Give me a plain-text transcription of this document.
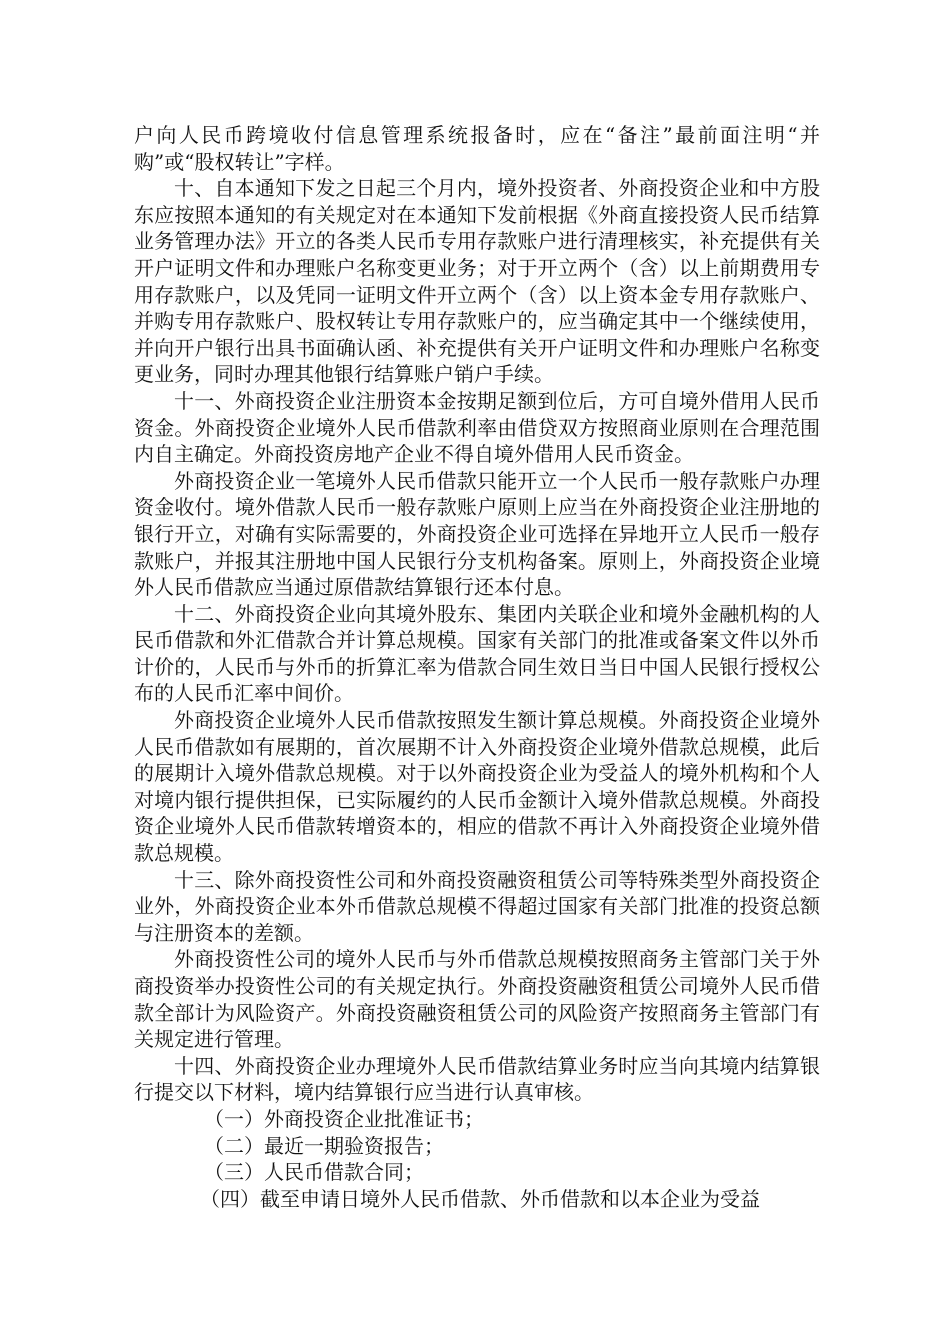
户向人民币跨境收付信息管理系统报备时，应在“备注”最前面注明“并购”或“股权转让”字样。

十、自本通知下发之日起三个月内，境外投资者、外商投资企业和中方股东应按照本通知的有关规定对在本通知下发前根据《外商直接投资人民币结算业务管理办法》开立的各类人民币专用存款账户进行清理核实，补充提供有关开户证明文件和办理账户名称变更业务；对于开立两个（含）以上前期费用专用存款账户，以及凭同一证明文件开立两个（含）以上资本金专用存款账户、并购专用存款账户、股权转让专用存款账户的，应当确定其中一个继续使用，并向开户银行出具书面确认函、补充提供有关开户证明文件和办理账户名称变更业务，同时办理其他银行结算账户销户手续。

十一、外商投资企业注册资本金按期足额到位后，方可自境外借用人民币资金。外商投资企业境外人民币借款利率由借贷双方按照商业原则在合理范围内自主确定。外商投资房地产企业不得自境外借用人民币资金。

外商投资企业一笔境外人民币借款只能开立一个人民币一般存款账户办理资金收付。境外借款人民币一般存款账户原则上应当在外商投资企业注册地的银行开立，对确有实际需要的，外商投资企业可选择在异地开立人民币一般存款账户，并报其注册地中国人民银行分支机构备案。原则上，外商投资企业境外人民币借款应当通过原借款结算银行还本付息。

十二、外商投资企业向其境外股东、集团内关联企业和境外金融机构的人民币借款和外汇借款合并计算总规模。国家有关部门的批准或备案文件以外币计价的，人民币与外币的折算汇率为借款合同生效日当日中国人民银行授权公布的人民币汇率中间价。

外商投资企业境外人民币借款按照发生额计算总规模。外商投资企业境外人民币借款如有展期的，首次展期不计入外商投资企业境外借款总规模，此后的展期计入境外借款总规模。对于以外商投资企业为受益人的境外机构和个人对境内银行提供担保，已实际履约的人民币金额计入境外借款总规模。外商投资企业境外人民币借款转增资本的，相应的借款不再计入外商投资企业境外借款总规模。

十三、除外商投资性公司和外商投资融资租赁公司等特殊类型外商投资企业外，外商投资企业本外币借款总规模不得超过国家有关部门批准的投资总额与注册资本的差额。

外商投资性公司的境外人民币与外币借款总规模按照商务主管部门关于外商投资举办投资性公司的有关规定执行。外商投资融资租赁公司境外人民币借款全部计为风险资产。外商投资融资租赁公司的风险资产按照商务主管部门有关规定进行管理。

十四、外商投资企业办理境外人民币借款结算业务时应当向其境内结算银行提交以下材料，境内结算银行应当进行认真审核。

（一）外商投资企业批准证书；

（二）最近一期验资报告；

（三）人民币借款合同；

（四）截至申请日境外人民币借款、外币借款和以本企业为受益
